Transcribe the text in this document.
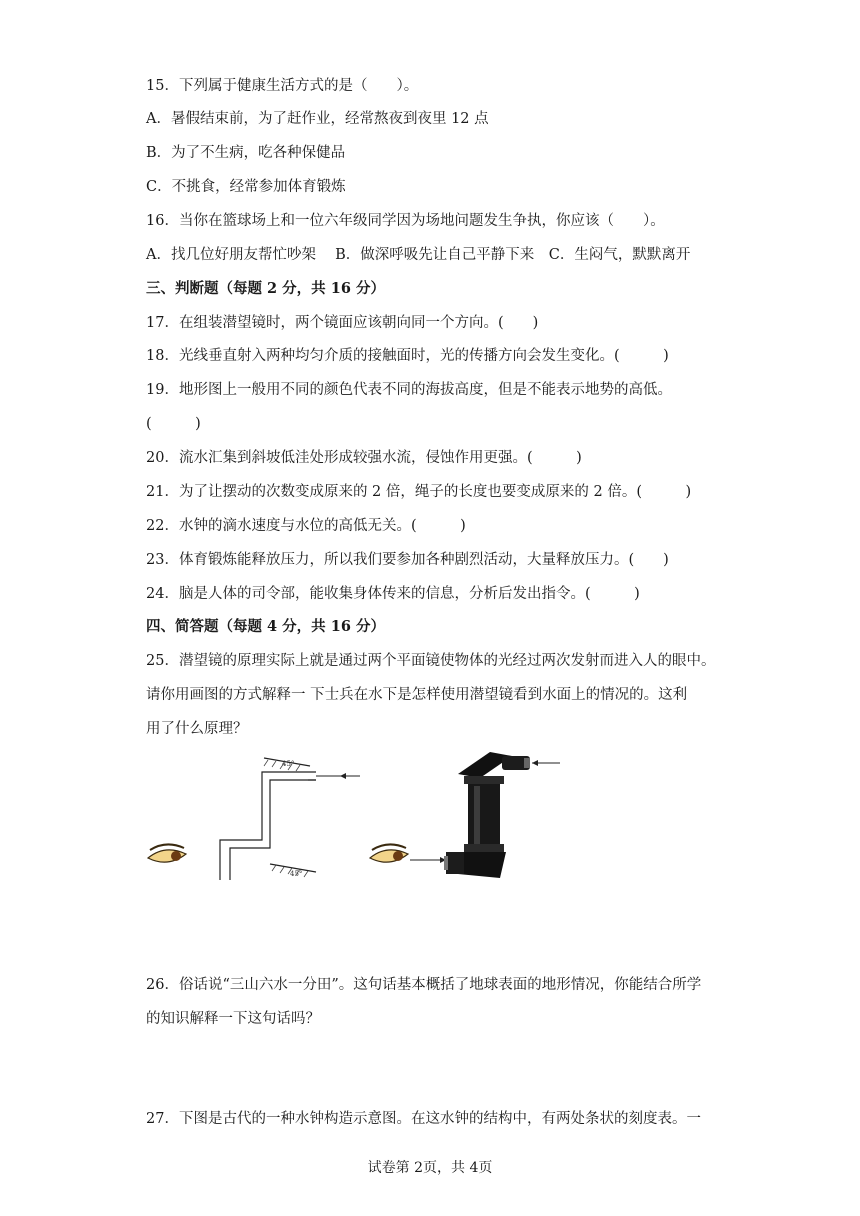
15．下列属于健康生活方式的是（　　）。
A．暑假结束前，为了赶作业，经常熬夜到夜里 12 点
B．为了不生病，吃各种保健品
C．不挑食，经常参加体育锻炼
16．当你在篮球场上和一位六年级同学因为场地问题发生争执，你应该（　　）。
A．找几位好朋友帮忙吵架　 B．做深呼吸先让自己平静下来　C．生闷气，默默离开
三、判断题（每题 2 分，共 16 分）
17．在组装潜望镜时，两个镜面应该朝向同一个方向。(　　)
18．光线垂直射入两种均匀介质的接触面时，光的传播方向会发生变化。(　　　)
19．地形图上一般用不同的颜色代表不同的海拔高度，但是不能表示地势的高低。
(　　　)
20．流水汇集到斜坡低洼处形成较强水流，侵蚀作用更强。(　　　)
21．为了让摆动的次数变成原来的 2 倍，绳子的长度也要变成原来的 2 倍。(　　　)
22．水钟的滴水速度与水位的高低无关。(　　　)
23．体育锻炼能释放压力，所以我们要参加各种剧烈活动，大量释放压力。(　　)
24．脑是人体的司令部，能收集身体传来的信息，分析后发出指令。(　　　)
四、简答题（每题 4 分，共 16 分）
25．潜望镜的原理实际上就是通过两个平面镜使物体的光经过两次发射而进入人的眼中。
请你用画图的方式解释一 下士兵在水下是怎样使用潜望镜看到水面上的情况的。这利
用了什么原理？
45°
45°
26．俗话说“三山六水一分田”。这句话基本概括了地球表面的地形情况，你能结合所学
的知识解释一下这句话吗？
27．下图是古代的一种水钟构造示意图。在这水钟的结构中，有两处条状的刻度表。一
试卷第 2页，共 4页
